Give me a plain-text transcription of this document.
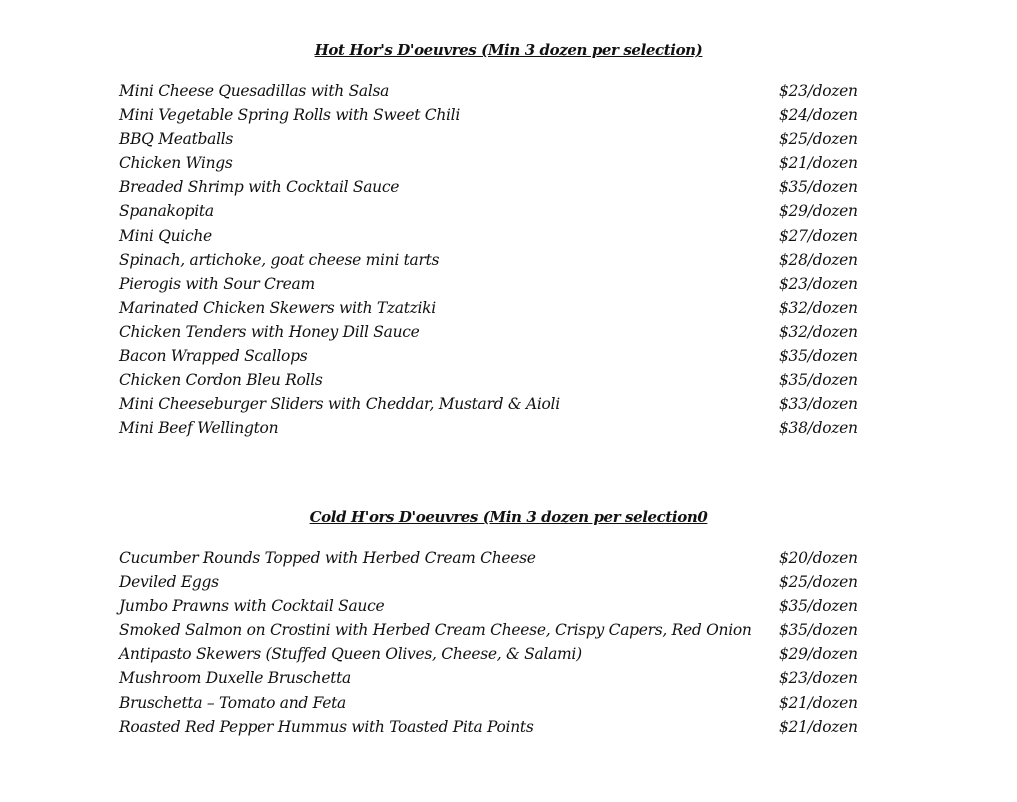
Hot Hor's D'oeuvres (Min 3 dozen per selection)
Mini Cheese Quesadillas with Salsa	$23/dozen
Mini Vegetable Spring Rolls with Sweet Chili	$24/dozen
BBQ Meatballs	$25/dozen
Chicken Wings	$21/dozen
Breaded Shrimp with Cocktail Sauce	$35/dozen
Spanakopita	$29/dozen
Mini Quiche	$27/dozen
Spinach, artichoke, goat cheese mini tarts	$28/dozen
Pierogis with Sour Cream	$23/dozen
Marinated Chicken Skewers with Tzatziki	$32/dozen
Chicken Tenders with Honey Dill Sauce	$32/dozen
Bacon Wrapped Scallops	$35/dozen
Chicken Cordon Bleu Rolls	$35/dozen
Mini Cheeseburger Sliders with Cheddar, Mustard & Aioli	$33/dozen
Mini Beef Wellington	$38/dozen
Cold H'ors D'oeuvres (Min 3 dozen per selection0
Cucumber Rounds Topped with Herbed Cream Cheese	$20/dozen
Deviled Eggs	$25/dozen
Jumbo Prawns with Cocktail Sauce	$35/dozen
Smoked Salmon on Crostini with Herbed Cream Cheese, Crispy Capers, Red Onion $35/dozen
Antipasto Skewers (Stuffed Queen Olives, Cheese, & Salami)	$29/dozen
Mushroom Duxelle Bruschetta	$23/dozen
Bruschetta – Tomato and Feta	$21/dozen
Roasted Red Pepper Hummus with Toasted Pita Points	$21/dozen
